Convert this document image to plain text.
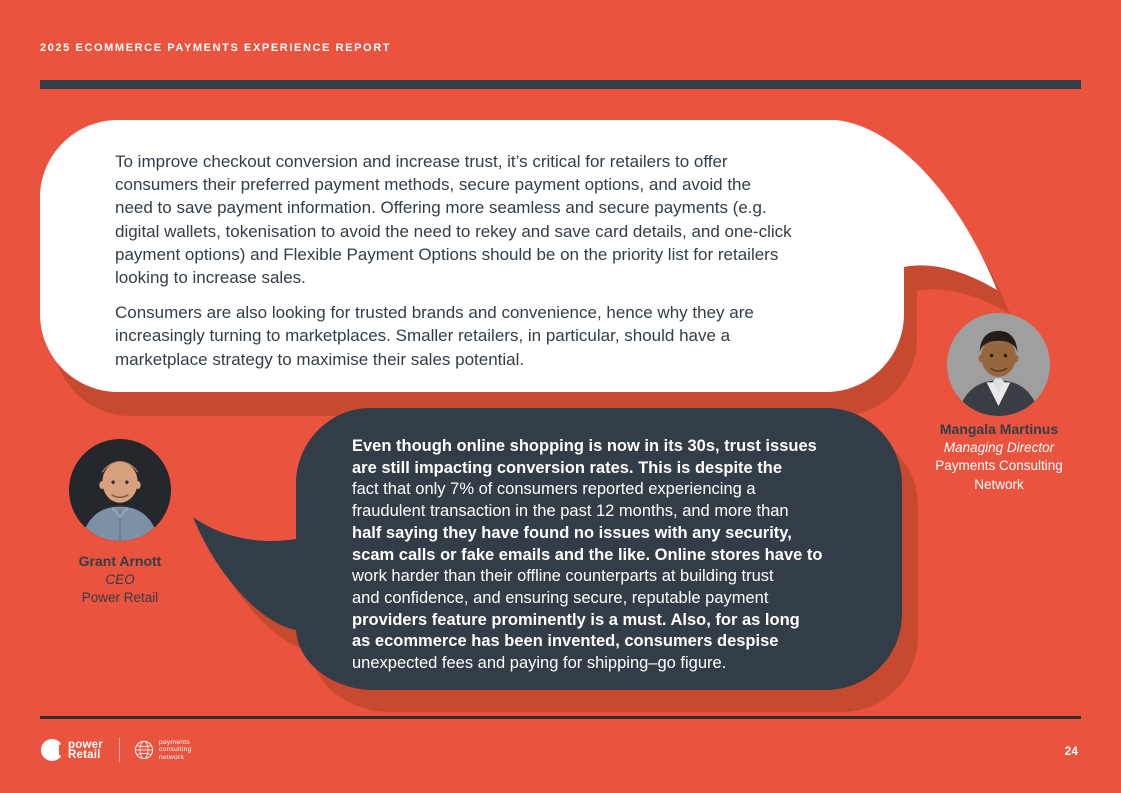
2025 ECOMMERCE PAYMENTS EXPERIENCE REPORT
To improve checkout conversion and increase trust, it’s critical for retailers to offer
consumers their preferred payment methods, secure payment options, and avoid the
need to save payment information. Offering more seamless and secure payments (e.g.
digital wallets, tokenisation to avoid the need to rekey and save card details, and one-click
payment options) and Flexible Payment Options should be on the priority list for retailers
looking to increase sales.
Consumers are also looking for trusted brands and convenience, hence why they are
increasingly turning to marketplaces. Smaller retailers, in particular, should have a
marketplace strategy to maximise their sales potential.
Even though online shopping is now in its 30s, trust issues
are still impacting conversion rates. This is despite the
fact that only 7% of consumers reported experiencing a
fraudulent transaction in the past 12 months, and more than
half saying they have found no issues with any security,
scam calls or fake emails and the like. Online stores have to
work harder than their offline counterparts at building trust
and confidence, and ensuring secure, reputable payment
providers feature prominently is a must. Also, for as long
as ecommerce has been invented, consumers despise
unexpected fees and paying for shipping–go figure.
Mangala Martinus
Managing Director
Payments Consulting
Network
Grant Arnott
CEO
Power Retail
power
Retail
payments
consulting
network	24
